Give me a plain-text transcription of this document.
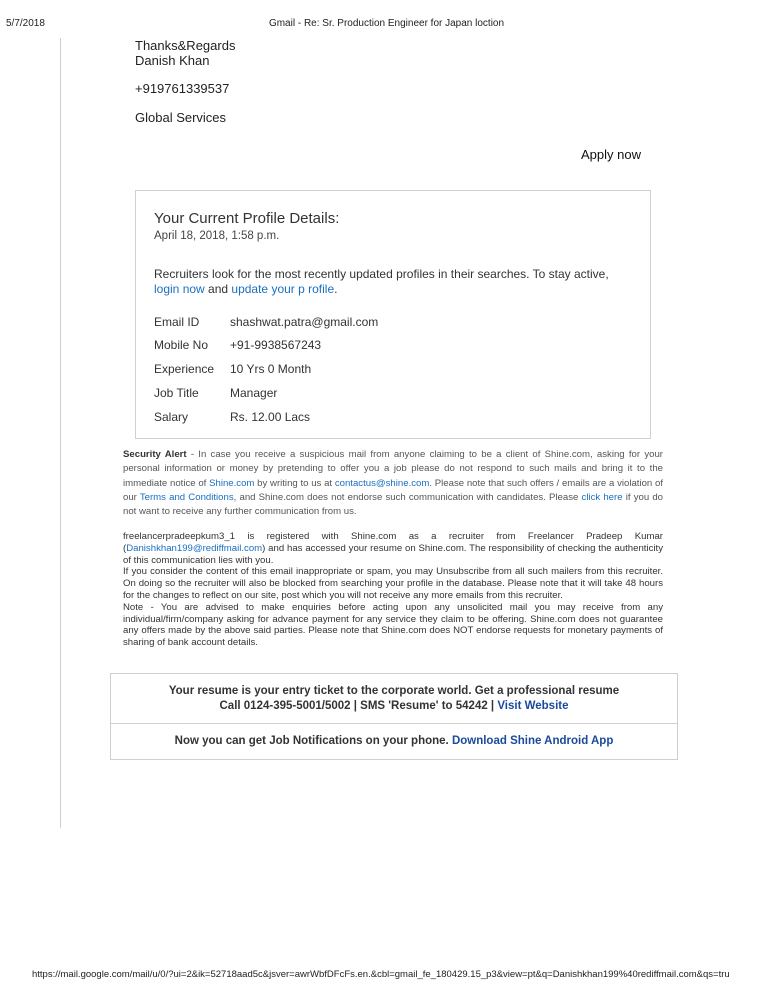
5/7/2018	Gmail - Re: Sr. Production Engineer for Japan loction
Thanks&Regards
Danish Khan
+919761339537
Global Services
Apply now
Your Current Profile Details:
April 18, 2018, 1:58 p.m.
Recruiters look for the most recently updated profiles in their searches. To stay active,
login now and update your p rofile.
Email ID	shashwat.patra@gmail.com
Mobile No +91-9938567243
Experience 10 Yrs 0 Month
Job Title	Manager
Salary	Rs. 12.00 Lacs
Security Alert - In case you receive a suspicious mail from anyone claiming to be a client of Shine.com, asking for your personal information or money by pretending to offer you a job please do not respond to such mails and bring it to the immediate notice of Shine.com by writing to us at contactus@shine.com. Please note that such offers / emails are a violation of our Terms and Conditions, and Shine.com does not endorse such communication with candidates. Please click here if you do not want to receive any further communication from us.
freelancerpradeepkum3_1 is registered with Shine.com as a recruiter from Freelancer Pradeep Kumar (Danishkhan199@rediffmail.com) and has accessed your resume on Shine.com. The responsibility of checking the authenticity of this communication lies with you.
If you consider the content of this email inappropriate or spam, you may Unsubscribe from all such mailers from this recruiter. On doing so the recruiter will also be blocked from searching your profile in the database. Please note that it will take 48 hours for the changes to reflect on our site, post which you will not receive any more emails from this recruiter.
Note - You are advised to make enquiries before acting upon any unsolicited mail you may receive from any individual/firm/company asking for advance payment for any service they claim to be offering. Shine.com does not guarantee any offers made by the above said parties. Please note that Shine.com does NOT endorse requests for monetary payments of sharing of bank account details.
Your resume is your entry ticket to the corporate world. Get a professional resume
Call 0124-395-5001/5002 | SMS 'Resume' to 54242 | Visit Website
Now you can get Job Notifications on your phone. Download Shine Android App
https://mail.google.com/mail/u/0/?ui=2&ik=52718aad5c&jsver=awrWbfDFcFs.en.&cbl=gmail_fe_180429.15_p3&view=pt&q=Danishkhan199%40rediffmail.com&qs=tru
